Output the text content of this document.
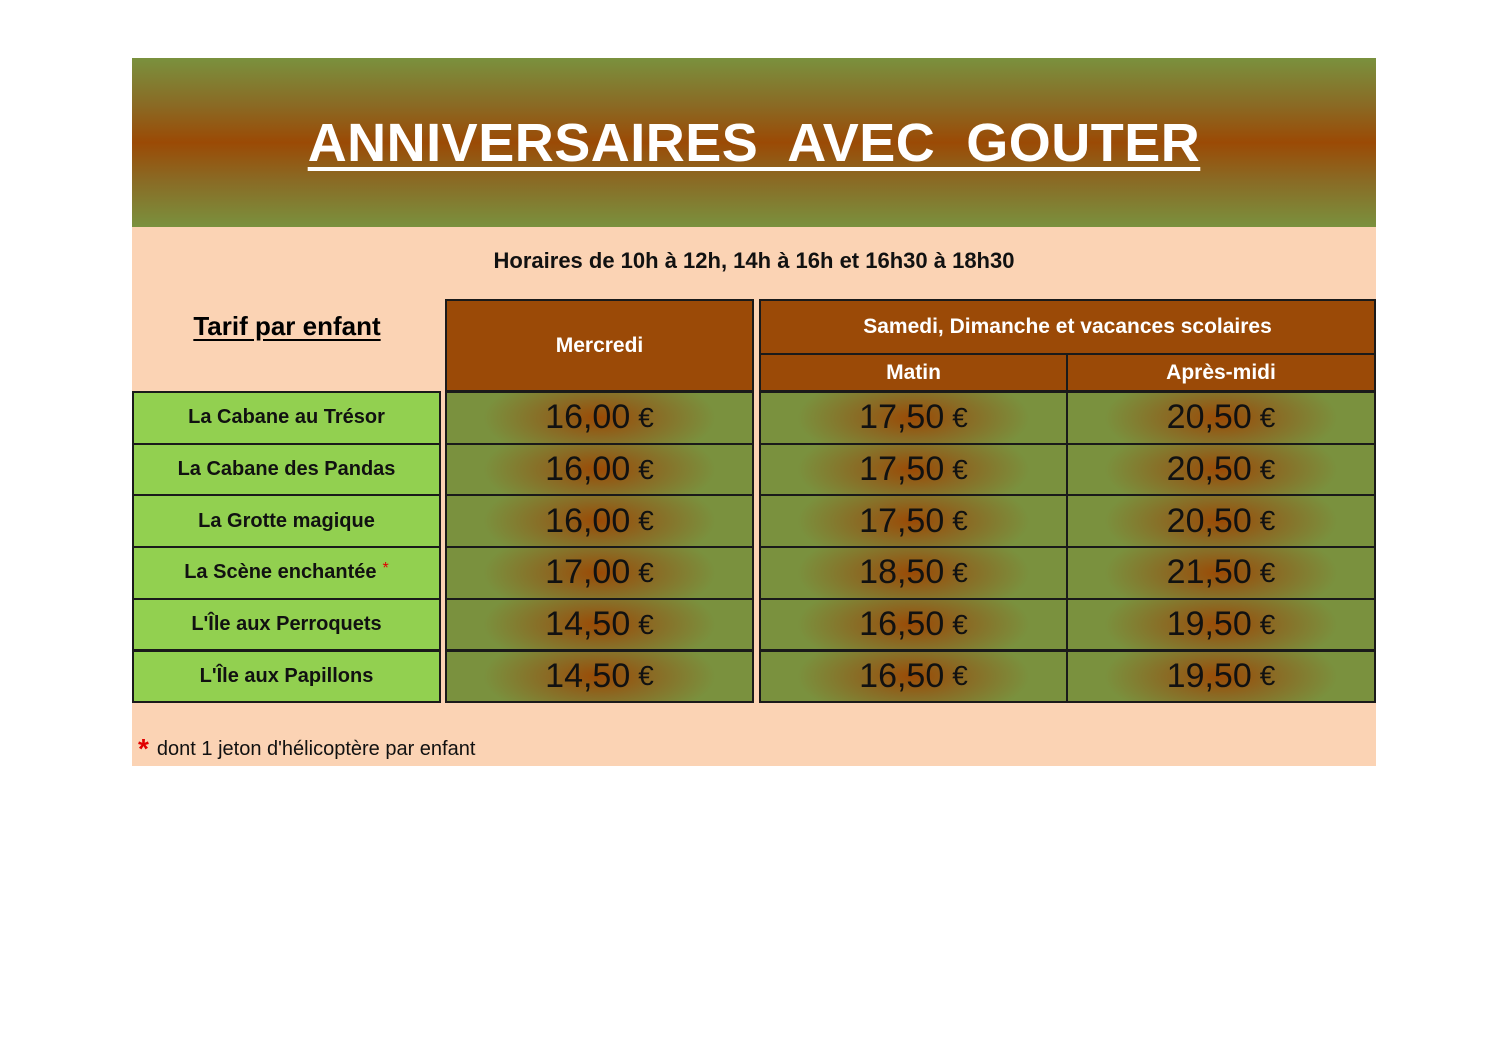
ANNIVERSAIRES  AVEC  GOUTER
Horaires de 10h à 12h, 14h à 16h et 16h30 à 18h30
Tarif par enfant
Mercredi
Samedi, Dimanche et vacances scolaires
Matin	Après-midi
La Cabane au Trésor	16,00 €	17,50 €	20,50 €
La Cabane des Pandas	16,00 €	17,50 €	20,50 €
La Grotte magique	16,00 €	17,50 €	20,50 €
La Scène enchantée *	17,00 €	18,50 €	21,50 €
L'Île aux Perroquets	14,50 €	16,50 €	19,50 €
L'Île aux Papillons	14,50 €	16,50 €	19,50 €
* dont 1 jeton d'hélicoptère par enfant
